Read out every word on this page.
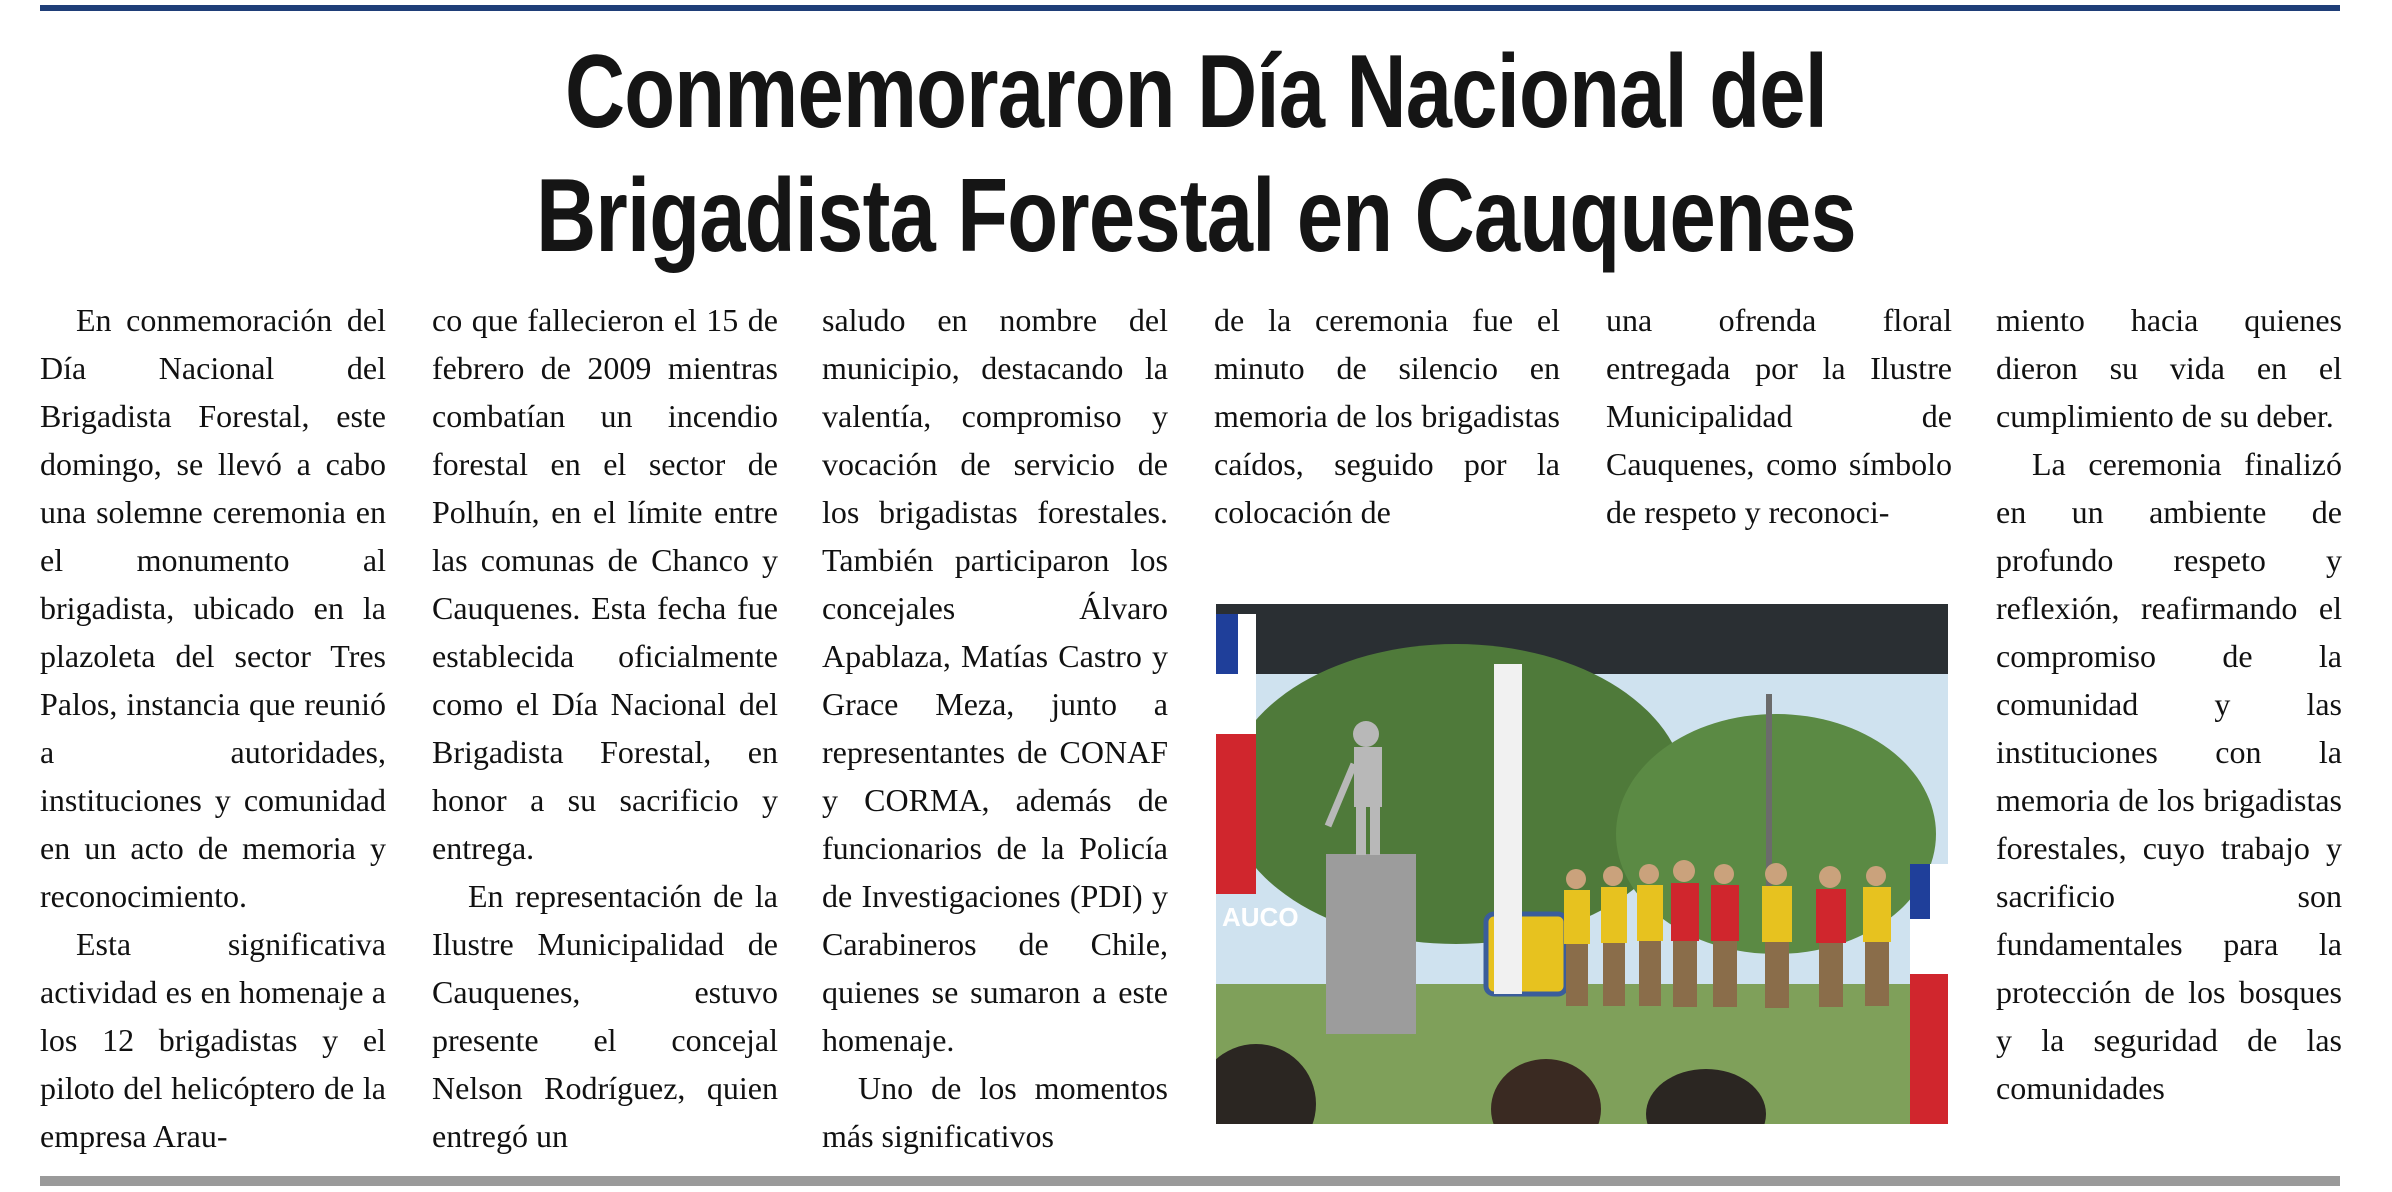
Conmemoraron Día Nacional del
Brigadista Forestal en Cauquenes

En conmemoración del Día Nacional del Brigadista Forestal, este domingo, se llevó a cabo una solemne ceremonia en el monumento al brigadista, ubicado en la plazoleta del sector Tres Palos, instancia que reunió a autoridades, instituciones y comunidad en un acto de memoria y reconocimiento.

Esta significativa actividad es en homenaje a los 12 brigadistas y el piloto del helicóptero de la empresa Arau-

co que fallecieron el 15 de febrero de 2009 mientras combatían un incendio forestal en el sector de Polhuín, en el límite entre las comunas de Chanco y Cauquenes. Esta fecha fue establecida oficialmente como el Día Nacional del Brigadista Forestal, en honor a su sacrificio y entrega.

En representación de la Ilustre Municipalidad de Cauquenes, estuvo presente el concejal Nelson Rodríguez, quien entregó un

saludo en nombre del municipio, destacando la valentía, compromiso y vocación de servicio de los brigadistas forestales. También participaron los concejales Álvaro Apablaza, Matías Castro y Grace Meza, junto a representantes de CONAF y CORMA, además de funcionarios de la Policía de Investigaciones (PDI) y Carabineros de Chile, quienes se sumaron a este homenaje.

Uno de los momentos más significativos

de la ceremonia fue el minuto de silencio en memoria de los brigadistas caídos, seguido por la colocación de

una ofrenda floral entregada por la Ilustre Municipalidad de Cauquenes, como símbolo de respeto y reconoci-

miento hacia quienes dieron su vida en el cumplimiento de su deber.

La ceremonia finalizó en un ambiente de profundo respeto y reflexión, reafirmando el compromiso de la comunidad y las instituciones con la memoria de los brigadistas forestales, cuyo trabajo y sacrificio son fundamentales para la protección de los bosques y la seguridad de las comunidades

AUCO
